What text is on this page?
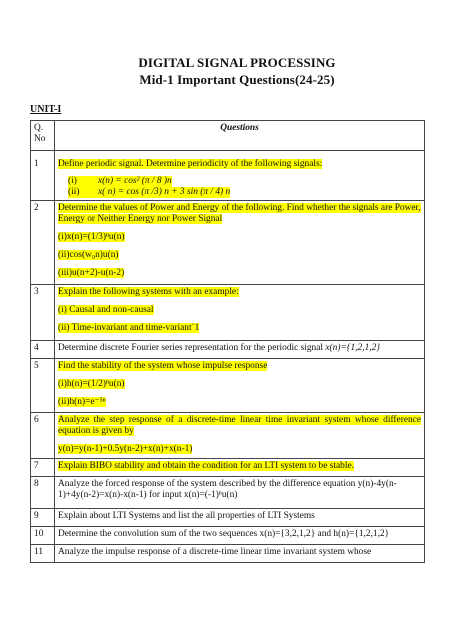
DIGITAL SIGNAL PROCESSING
Mid-1 Important Questions(24-25)
UNIT-I
Q. No	Questions
1	Define periodic signal. Determine periodicity of the following signals:

(i) x(n) = cos² (π / 8 )n
(ii) x( n) = cos (π /3) n + 3 sin (π / 4) n

2	Determine the values of Power and Energy of the following. Find whether the signals are Power, Energy or Neither Energy nor Power Signal

(i)x(n)=(1/3)ⁿu(n)

(ii)cos(w₀n)u(n)

(iii)u(n+2)-u(n-2)

3	Explain the following systems with an example:

(i) Causal and non-causal

(ii) Time-invariant and time-variant`1

4	Determine discrete Fourier series representation for the periodic signal x(n)={1,2,1,2}
5	Find the stability of the system whose impulse response

(i)h(n)=(1/2)ⁿu(n)

(ii)h(n)=e⁻⁵ⁿ

6	Analyze the step response of a discrete-time linear time invariant system whose difference equation is given by

y(n)=y(n-1)+0.5y(n-2)+x(n)+x(n-1)

7	Explain BIBO stability and obtain the condition for an LTI system to be stable.
8	Analyze the forced response of the system described by the difference equation y(n)-4y(n-1)+4y(n-2)=x(n)-x(n-1) for input x(n)=(-1)ⁿu(n)
9	Explain about LTI Systems and list the all properties of LTI Systems
10	Determine the convolution sum of the two sequences x(n)={3,2,1,2} and h(n)={1,2,1,2}
11	Analyze the impulse response of a discrete-time linear time invariant system whose
